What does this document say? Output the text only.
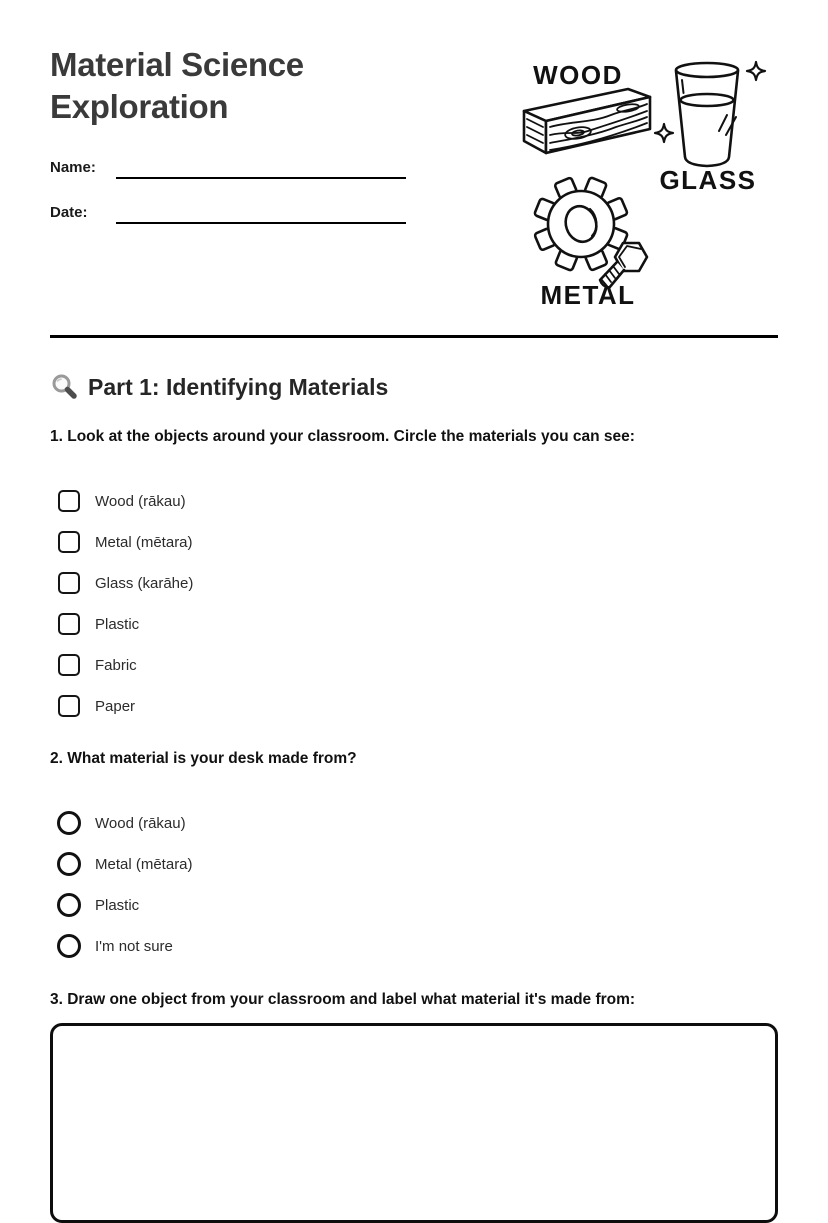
Material Science Exploration
Name:
Date:
WOOD
GLASS
METAL
Part 1: Identifying Materials

1. Look at the objects around your classroom. Circle the materials you can see:

Wood (rākau)
Metal (mētara)
Glass (karāhe)
Plastic
Fabric
Paper

2. What material is your desk made from?

Wood (rākau)
Metal (mētara)
Plastic
I'm not sure

3. Draw one object from your classroom and label what material it's made from:
